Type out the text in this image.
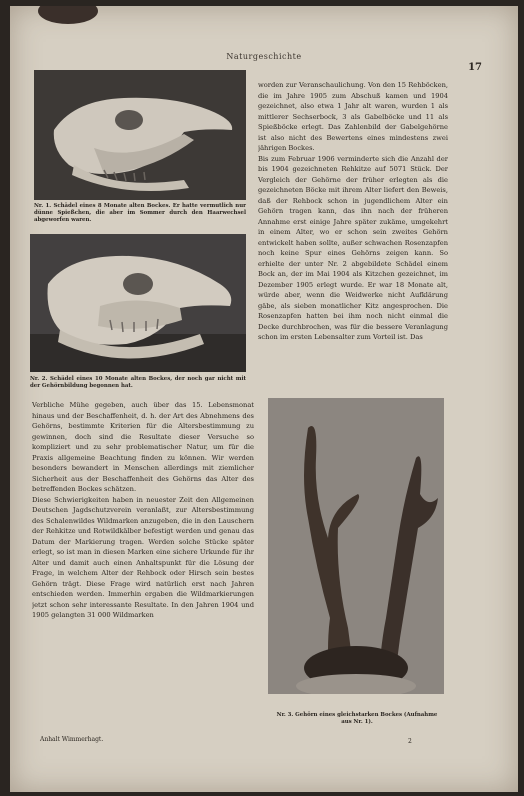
Naturgeschichte
17
Nr. 1. Schädel eines 8 Monate alten Bockes. Er hatte vermutlich nur dünne Spießchen, die aber im Sommer durch den Haarwechsel abgeworfen waren.
Nr. 2. Schädel eines 10 Monate alten Bockes, der noch gar nicht mit der Gehörnbildung begonnen hat.
worden zur Veranschaulichung. Von den 15 Rehböcken, die im Jahre 1905 zum Abschuß kamen und 1904 gezeichnet, also etwa 1 Jahr alt waren, wurden 1 als mittlerer Sechserbock, 3 als Gabelböcke und 11 als Spießböcke erlegt. Das Zahlenbild der Gabelgehörne ist also nicht des Bewertens eines mindestens zwei jährigen Bockes.
Bis zum Februar 1906 verminderte sich die Anzahl der bis 1904 gezeichneten Rehkitze auf 5071 Stück. Der Vergleich der Gehörne der früher erlegten als die gezeichneten Böcke mit ihrem Alter liefert den Beweis, daß der Rehbock schon in jugendlichem Alter ein Gehörn tragen kann, das ihn nach der früheren Annahme erst einige Jahre später zukäme, umgekehrt in einem Alter, wo er schon sein zweites Gehörn entwickelt haben sollte, außer schwachen Rosenzapfen noch keine Spur eines Gehörns zeigen kann. So erhielte der unter Nr. 2 abgebildete Schädel einem Bock an, der im Mai 1904 als Kitzchen gezeichnet, im Dezember 1905 erlegt wurde. Er war 18 Monate alt, würde aber, wenn die Weidwerke nicht Aufklärung gäbe, als sieben monatlicher Kitz angesprochen. Die Rosenzapfen hatten bei ihm noch nicht einmal die Decke durchbrochen, was für die bessere Veranlagung schon im ersten Lebensalter zum Vorteil ist. Das
Verbliche Mühe gegeben, auch über das 15. Lebensmonat hinaus und der Beschaffenheit, d. h. der Art des Abnehmens des Gehörns, bestimmte Kriterien für die Altersbestimmung zu gewinnen, doch sind die Resultate dieser Versuche so kompliziert und zu sehr problematischer Natur, um für die Praxis allgemeine Beachtung finden zu können. Wir werden besonders bewandert in Menschen allerdings mit ziemlicher Sicherheit aus der Beschaffenheit des Gehörns das Alter des betreffenden Bockes schätzen.
Diese Schwierigkeiten haben in neuester Zeit den Allgemeinen Deutschen Jagdschutzverein veranlaßt, zur Altersbestimmung des Schalenwildes Wildmarken anzugeben, die in den Lauschern der Rehkitze und Rotwildkälber befestigt werden und genau das Datum der Markierung tragen. Werden solche Stücke später erlegt, so ist man in diesen Marken eine sichere Urkunde für ihr Alter und damit auch einen Anhaltspunkt für die Lösung der Frage, in welchem Alter der Rehbock oder Hirsch sein bestes Gehörn trägt. Diese Frage wird natürlich erst nach Jahren entschieden werden. Immerhin ergaben die Wildmarkierungen jetzt schon sehr interessante Resultate. In den Jahren 1904 und 1905 gelangten 31 000 Wildmarken
Nr. 3. Gehörn eines gleichstarken Bockes (Aufnahme aus Nr. 1).
Anhalt Wimmerhagt.	2
